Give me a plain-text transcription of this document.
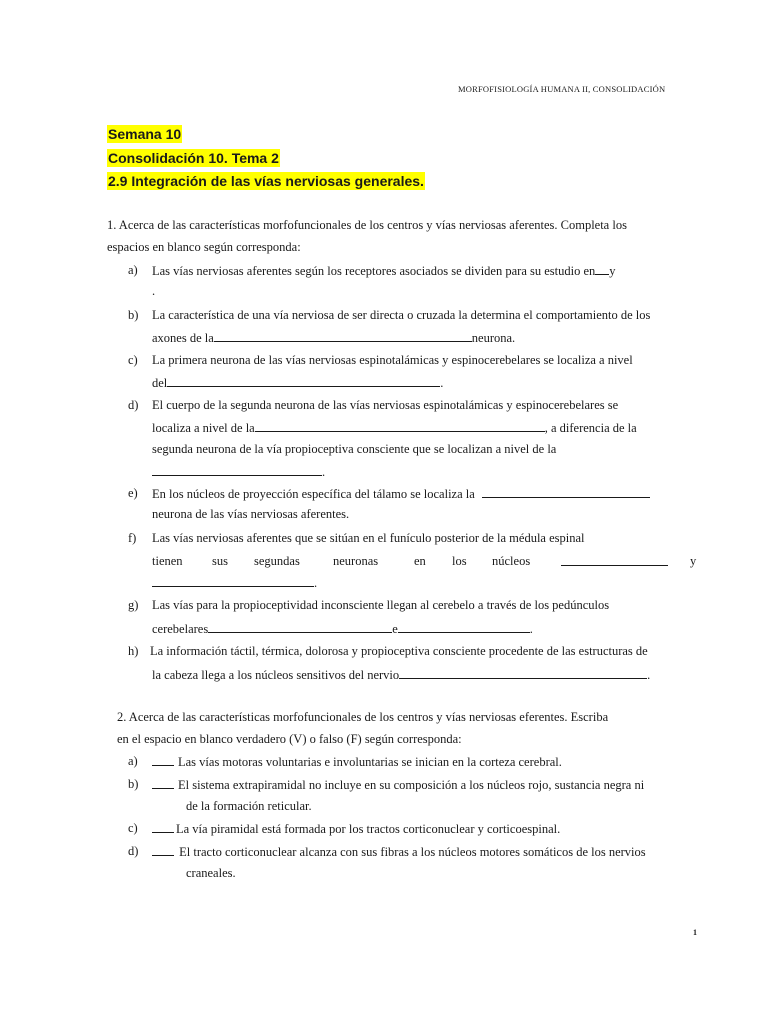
MORFOFISIOLOGÍA HUMANA II, CONSOLIDACIÓN
Semana 10
Consolidación 10. Tema 2
2.9 Integración de las vías nerviosas generales.
1. Acerca de las características morfofuncionales de los centros y vías nerviosas aferentes. Completa los
espacios en blanco según corresponda:
a) Las vías nerviosas aferentes según los receptores asociados se dividen para su estudio en y
.
b) La característica de una vía nerviosa de ser directa o cruzada la determina el comportamiento de los
axones de la	neurona.
c) La primera neurona de las vías nerviosas espinotalámicas y espinocerebelares se localiza a nivel
del	.
d) El cuerpo de la segunda neurona de las vías nerviosas espinotalámicas y espinocerebelares se
localiza a nivel de la	, a diferencia de la
segunda neurona de la vía propioceptiva consciente que se localizan a nivel de la
.
e) En los núcleos de proyección específica del tálamo se localiza la
neurona de las vías nerviosas aferentes.
f) Las vías nerviosas aferentes que se sitúan en el funículo posterior de la médula espinal
tienen sus segundas	neuronas	en los núcleos	y
.
g) Las vías para la propioceptividad inconsciente llegan al cerebelo a través de los pedúnculos
cerebelares	e	.
h) La información táctil, térmica, dolorosa y propioceptiva consciente procedente de las estructuras de
la cabeza llega a los núcleos sensitivos del nervio	.
2. Acerca de las características morfofuncionales de los centros y vías nerviosas eferentes. Escriba
en el espacio en blanco verdadero (V) o falso (F) según corresponda:
a)	Las vías motoras voluntarias e involuntarias se inician en la corteza cerebral.
b)	El sistema extrapiramidal no incluye en su composición a los núcleos rojo, sustancia negra ni
de la formación reticular.
c)	La vía piramidal está formada por los tractos corticonuclear y corticoespinal.
d)	El tracto corticonuclear alcanza con sus fibras a los núcleos motores somáticos de los nervios
craneales.
1
